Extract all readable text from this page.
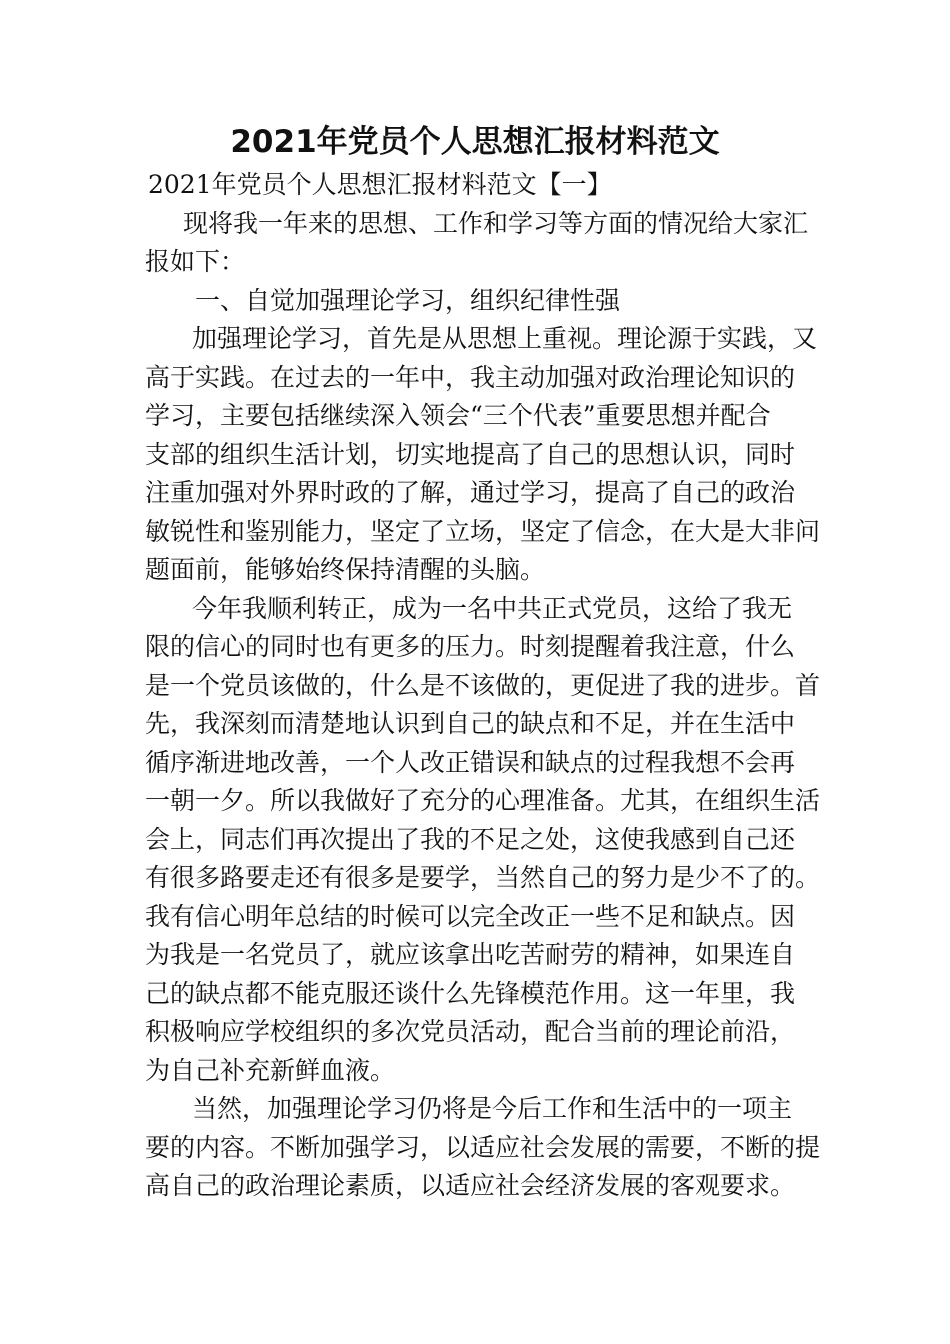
2021年党员个人思想汇报材料范文
2021年党员个人思想汇报材料范文【一】
现将我一年来的思想、工作和学习等方面的情况给大家汇
报如下：
一、自觉加强理论学习，组织纪律性强
加强理论学习，首先是从思想上重视。理论源于实践，又
高于实践。在过去的一年中，我主动加强对政治理论知识的
学习，主要包括继续深入领会“三个代表”重要思想并配合
支部的组织生活计划，切实地提高了自己的思想认识，同时
注重加强对外界时政的了解，通过学习，提高了自己的政治
敏锐性和鉴别能力，坚定了立场，坚定了信念，在大是大非问
题面前，能够始终保持清醒的头脑。
今年我顺利转正，成为一名中共正式党员，这给了我无
限的信心的同时也有更多的压力。时刻提醒着我注意，什么
是一个党员该做的，什么是不该做的，更促进了我的进步。首
先，我深刻而清楚地认识到自己的缺点和不足，并在生活中
循序渐进地改善，一个人改正错误和缺点的过程我想不会再
一朝一夕。所以我做好了充分的心理准备。尤其，在组织生活
会上，同志们再次提出了我的不足之处，这使我感到自己还
有很多路要走还有很多是要学，当然自己的努力是少不了的。
我有信心明年总结的时候可以完全改正一些不足和缺点。因
为我是一名党员了，就应该拿出吃苦耐劳的精神，如果连自
己的缺点都不能克服还谈什么先锋模范作用。这一年里，我
积极响应学校组织的多次党员活动，配合当前的理论前沿，
为自己补充新鲜血液。
当然，加强理论学习仍将是今后工作和生活中的一项主
要的内容。不断加强学习，以适应社会发展的需要，不断的提
高自己的政治理论素质，以适应社会经济发展的客观要求。
